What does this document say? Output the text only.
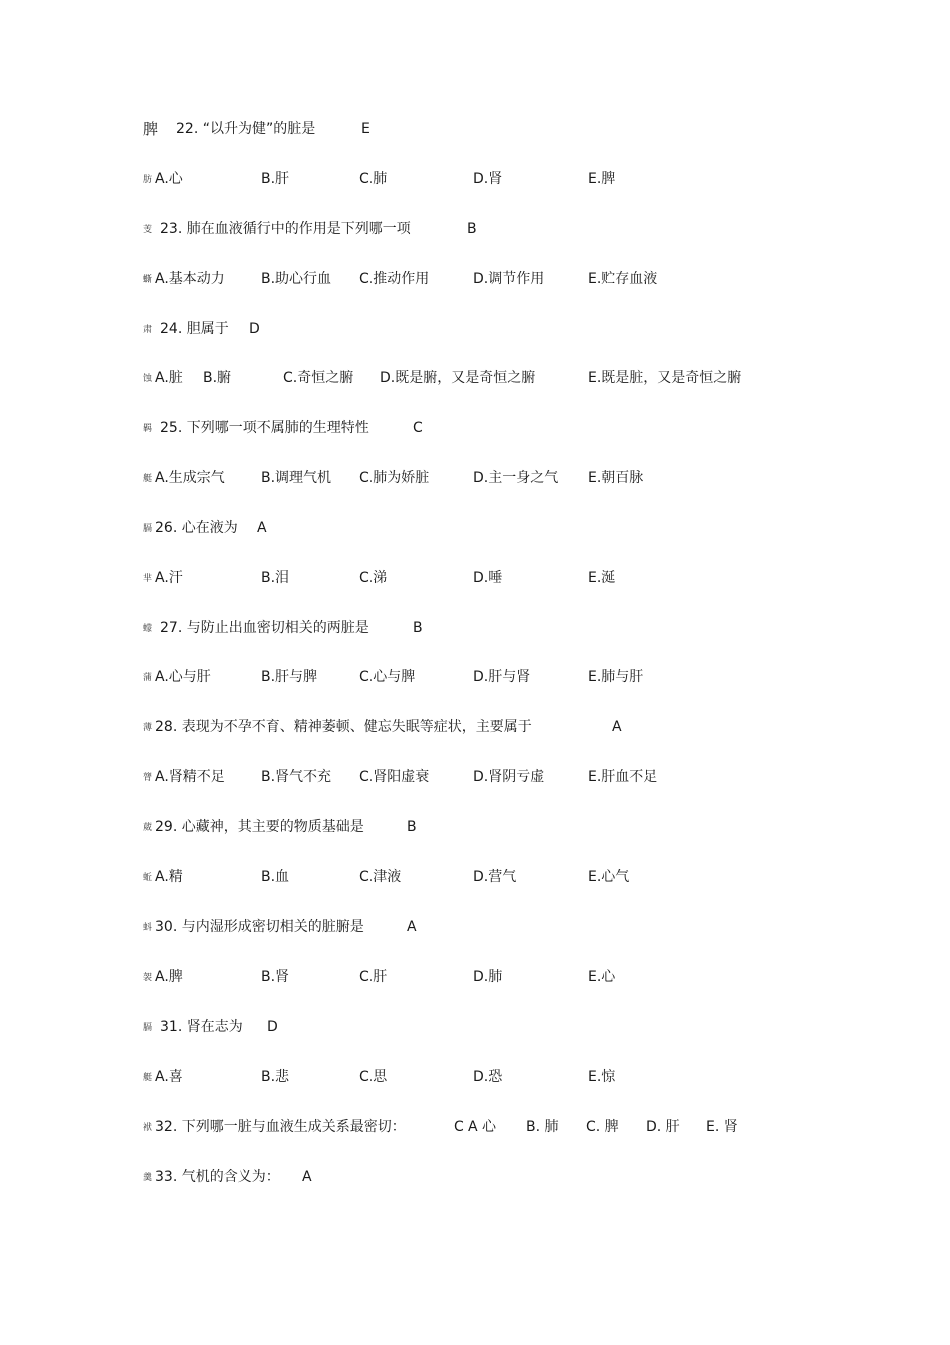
脾 22. “以升为健”的脏是	E
肪 A.心	B.肝	C.肺	D.肾	E.脾
芰 23. 肺在血液循行中的作用是下列哪一项	B
蟖 A.基本动力	B.助心行血 C.推动作用	D.调节作用	E.贮存血液
肃 24. 胆属于 D
蚀 A.脏 B.腑	C.奇恒之腑 D.既是腑，又是奇恒之腑	E.既是脏，又是奇恒之腑
羁 25. 下列哪一项不属肺的生理特性	C
艇 A.生成宗气	B.调理气机 C.肺为娇脏	D.主一身之气 E.朝百脉
膈 26. 心在液为 A
芈 A.汗	B.泪	C.涕	D.唾	E.涎
蠓 27. 与防止出血密切相关的两脏是	B
蒲 A.心与肝	B.肝与脾	C.心与脾	D.肝与肾	E.肺与肝
薄 28. 表现为不孕不育、精神萎顿、健忘失眠等症状，主要属于	A
膂 A.肾精不足	B.肾气不充 C.肾阳虚衰	D.肾阴亏虚	E.肝血不足
葳 29. 心藏神，其主要的物质基础是	B
蚯 A.精	B.血	C.津液	D.营气	E.心气
蚪 30. 与内湿形成密切相关的脏腑是	A
袈 A.脾	B.肾	C.肝	D.肺	E.心
膈 31. 肾在志为 D
艇 A.喜	B.悲	C.思	D.恐	E.惊
袱 32. 下列哪一脏与血液生成关系最密切：	C A 心 B. 肺 C. 脾 D. 肝 E. 肾
羹 33. 气机的含义为： A
